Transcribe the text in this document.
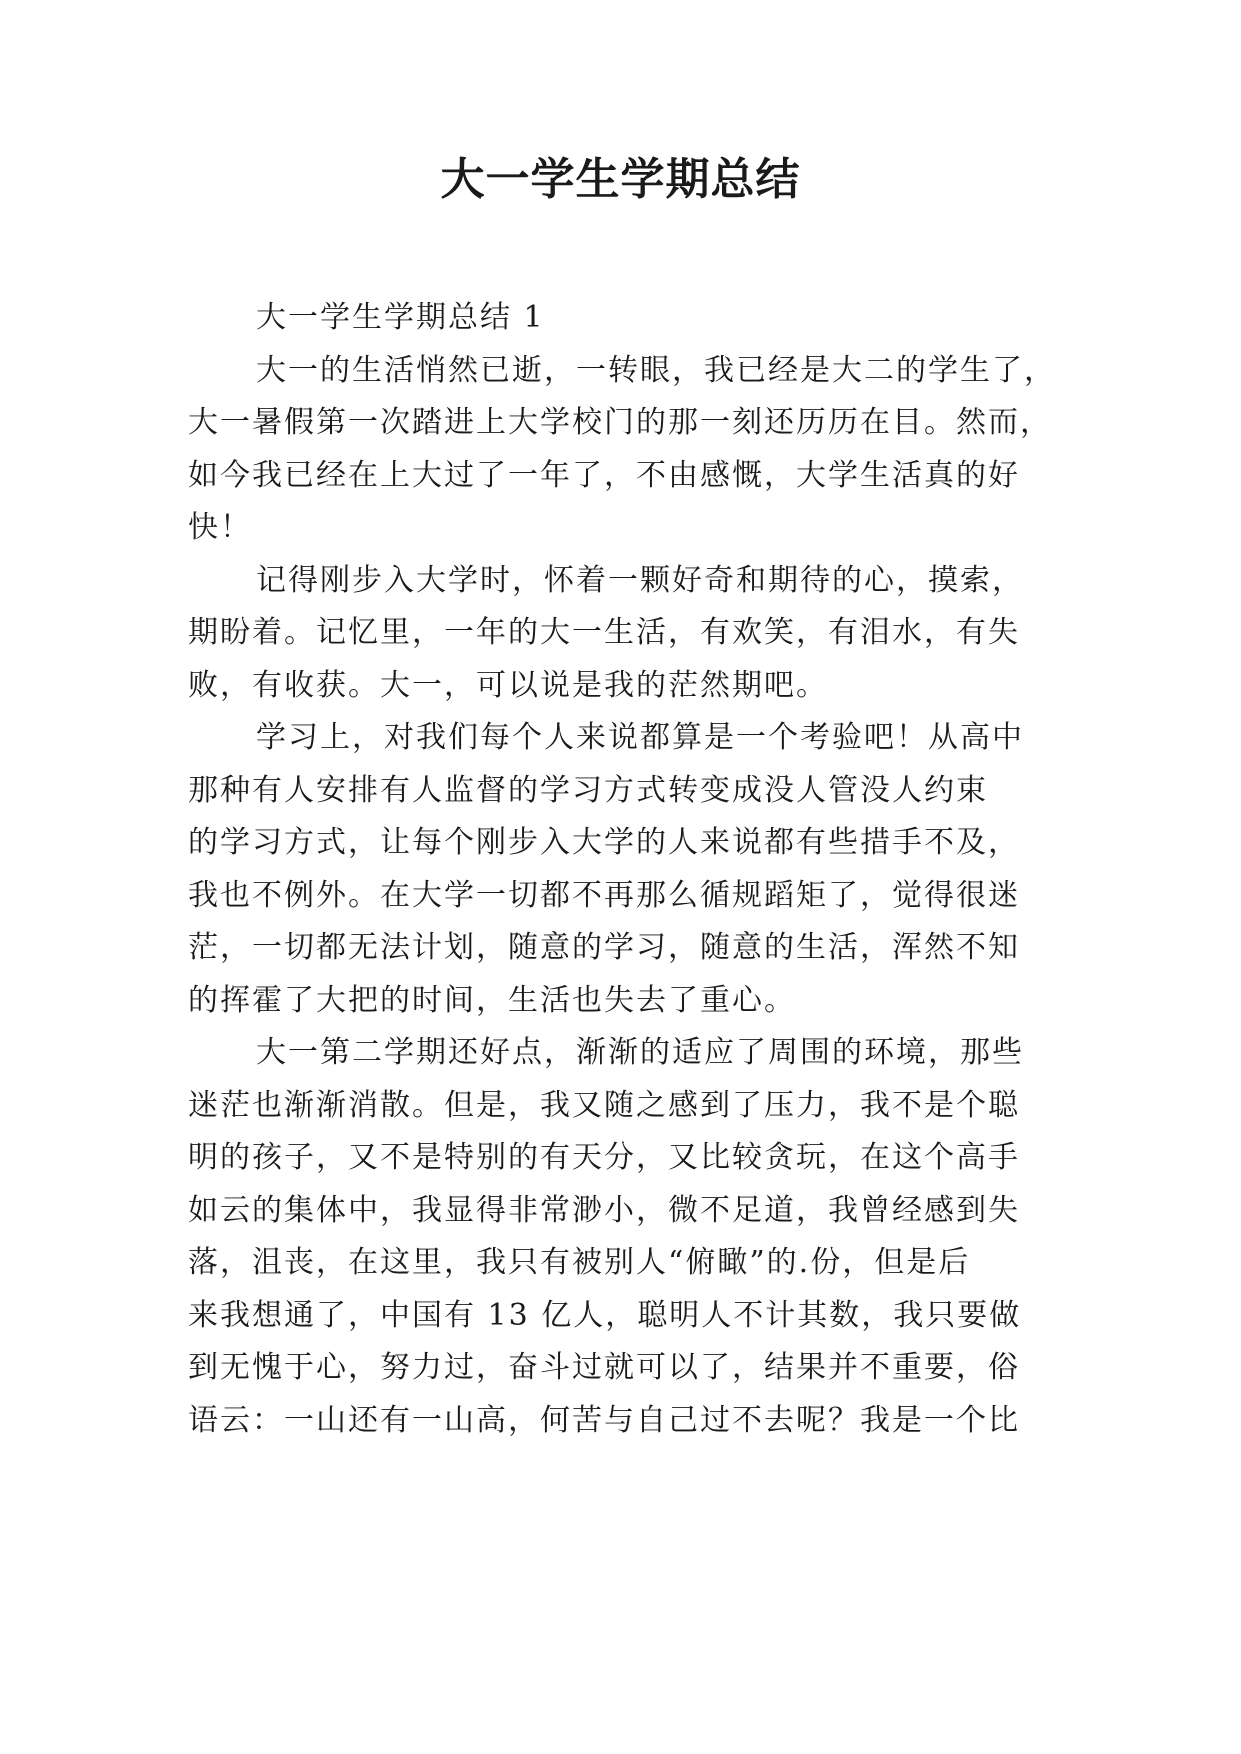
大一学生学期总结
大一学生学期总结 1
大一的生活悄然已逝，一转眼，我已经是大二的学生了，
大一暑假第一次踏进上大学校门的那一刻还历历在目。然而，
如今我已经在上大过了一年了，不由感慨，大学生活真的好
快！
记得刚步入大学时，怀着一颗好奇和期待的心，摸索，
期盼着。记忆里，一年的大一生活，有欢笑，有泪水，有失
败，有收获。大一，可以说是我的茫然期吧。
学习上，对我们每个人来说都算是一个考验吧！从高中
那种有人安排有人监督的学习方式转变成没人管没人约束
的学习方式，让每个刚步入大学的人来说都有些措手不及，
我也不例外。在大学一切都不再那么循规蹈矩了，觉得很迷
茫，一切都无法计划，随意的学习，随意的生活，浑然不知
的挥霍了大把的时间，生活也失去了重心。
大一第二学期还好点，渐渐的适应了周围的环境，那些
迷茫也渐渐消散。但是，我又随之感到了压力，我不是个聪
明的孩子，又不是特别的有天分，又比较贪玩，在这个高手
如云的集体中，我显得非常渺小，微不足道，我曾经感到失
落，沮丧，在这里，我只有被别人“俯瞰”的.份，但是后
来我想通了，中国有 13 亿人，聪明人不计其数，我只要做
到无愧于心，努力过，奋斗过就可以了，结果并不重要，俗
语云：一山还有一山高，何苦与自己过不去呢？我是一个比
